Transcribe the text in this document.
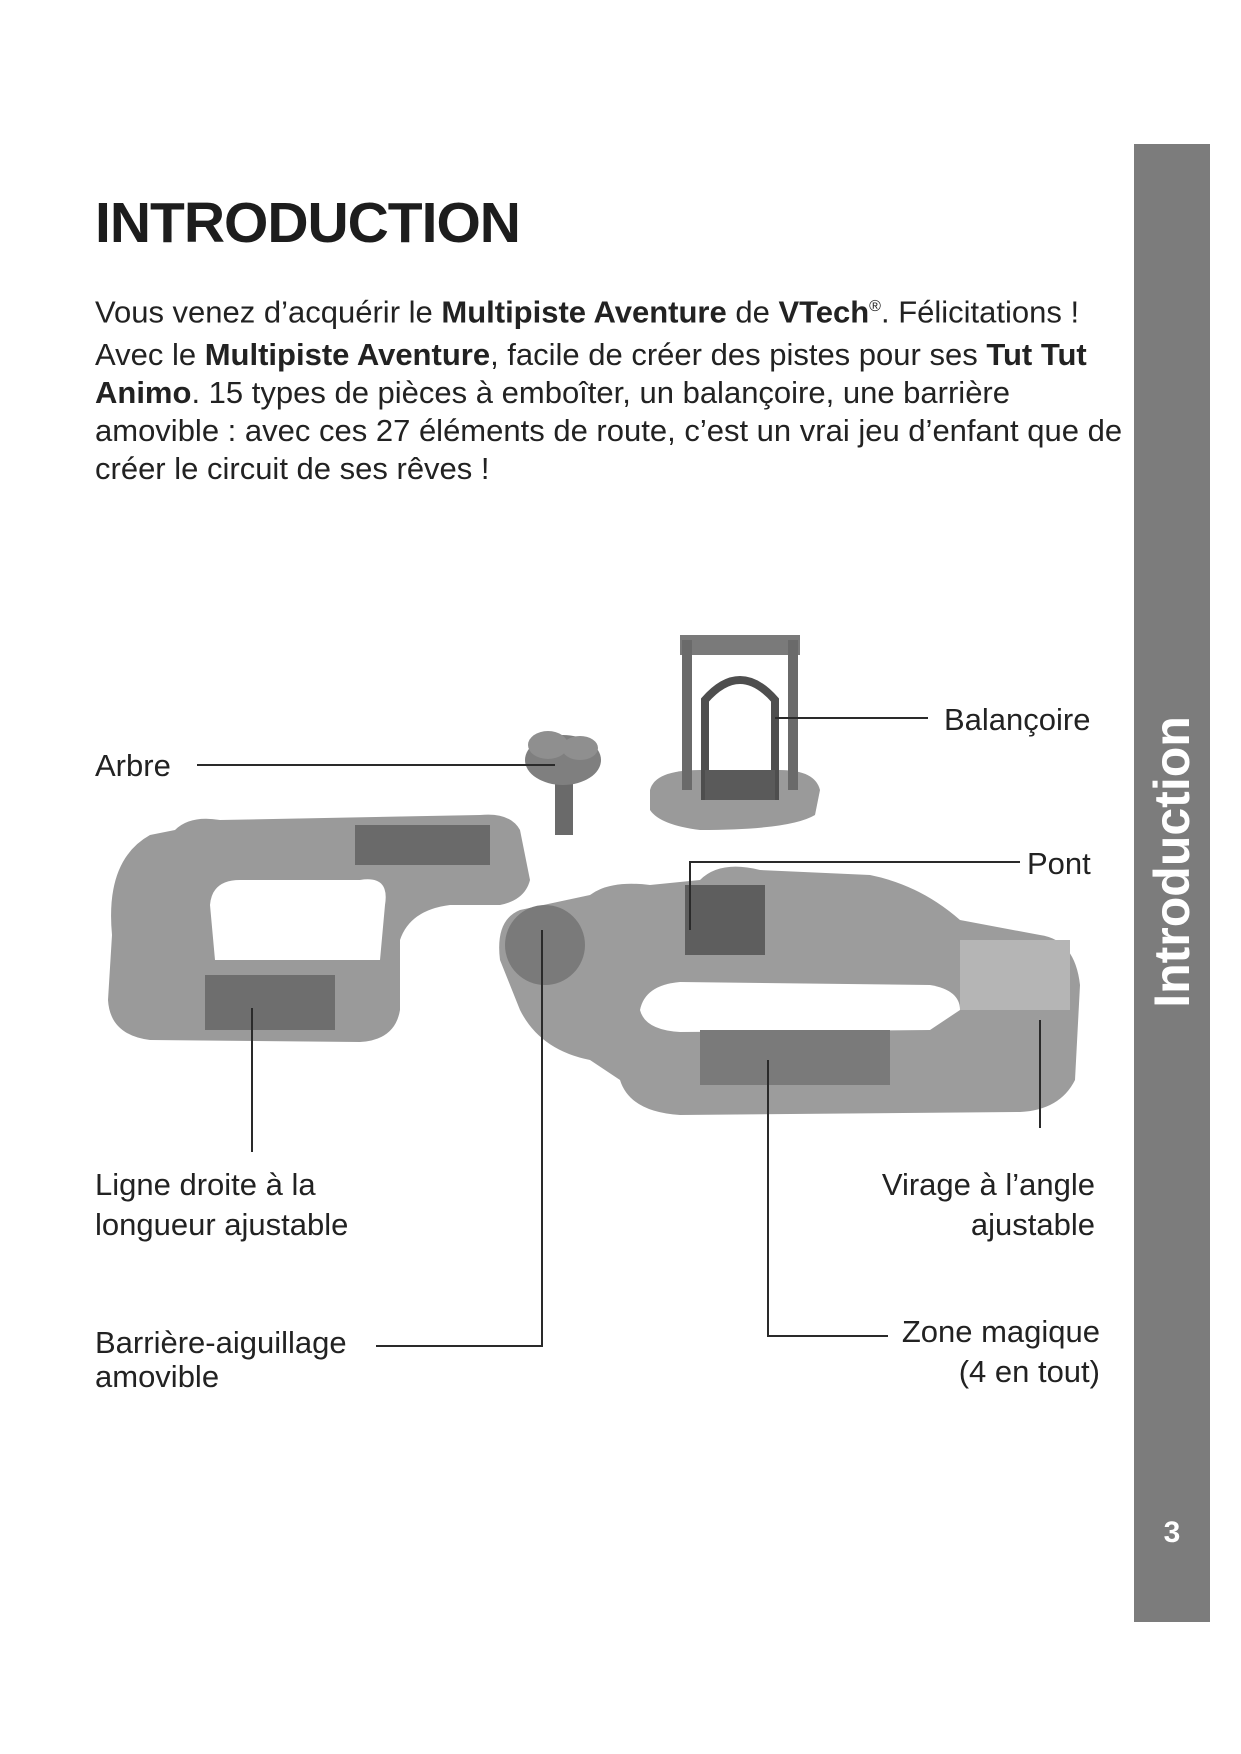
Introduction
3
INTRODUCTION

Vous venez d’acquérir le Multipiste Aventure de VTech®. Félicitations !

Avec le Multipiste Aventure, facile de créer des pistes pour ses Tut Tut Animo. 15 types de pièces à emboîter, un balançoire, une barrière amovible : avec ces 27 éléments de route, c’est un vrai jeu d’enfant que de créer le circuit de ses rêves !

Arbre

Balançoire

Pont

Ligne droite à la
longueur ajustable
Virage à l’angle
ajustable
Barrière-aiguillage
amovible
Zone magique
(4 en tout)
